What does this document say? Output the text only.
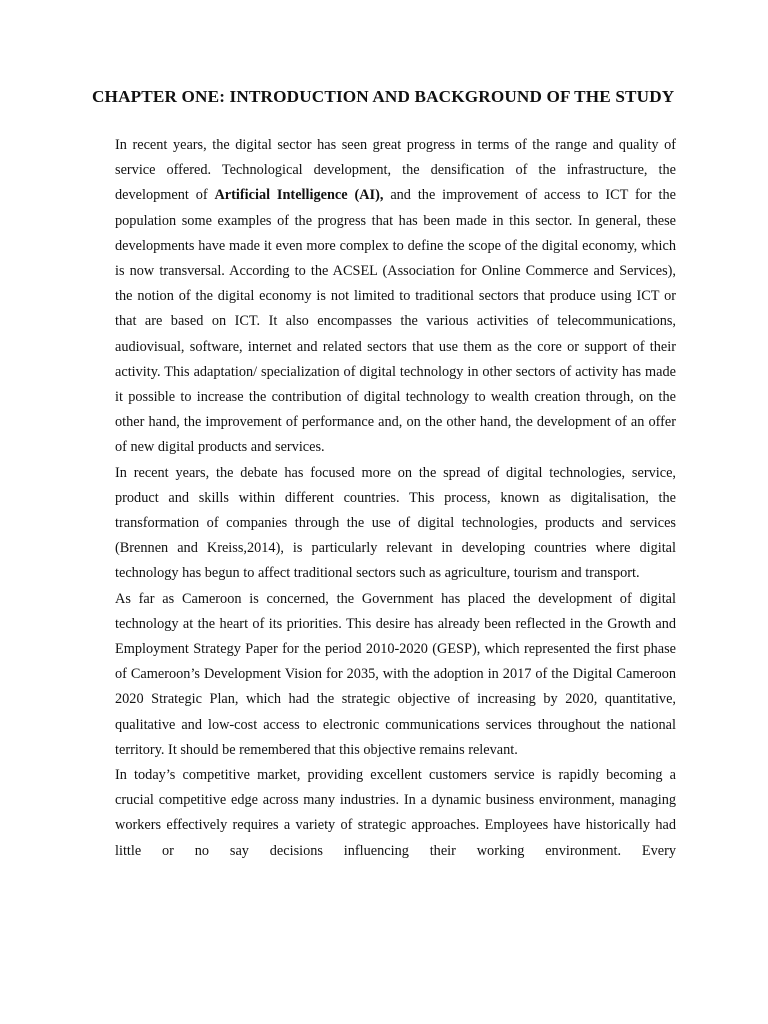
CHAPTER ONE: INTRODUCTION AND BACKGROUND OF THE STUDY

In recent years, the digital sector has seen great progress in terms of the range and quality of service offered. Technological development, the densification of the infrastructure, the development of Artificial Intelligence (AI), and the improvement of access to ICT for the population some examples of the progress that has been made in this sector. In general, these developments have made it even more complex to define the scope of the digital economy, which is now transversal. According to the ACSEL (Association for Online Commerce and Services), the notion of the digital economy is not limited to traditional sectors that produce using ICT or that are based on ICT. It also encompasses the various activities of telecommunications, audiovisual, software, internet and related sectors that use them as the core or support of their activity. This adaptation/ specialization of digital technology in other sectors of activity has made it possible to increase the contribution of digital technology to wealth creation through, on the other hand, the improvement of performance and, on the other hand, the development of an offer of new digital products and services.

In recent years, the debate has focused more on the spread of digital technologies, service, product and skills within different countries. This process, known as digitalisation, the transformation of companies through the use of digital technologies, products and services (Brennen and Kreiss,2014), is particularly relevant in developing countries where digital technology has begun to affect traditional sectors such as agriculture, tourism and transport.

As far as Cameroon is concerned, the Government has placed the development of digital technology at the heart of its priorities. This desire has already been reflected in the Growth and Employment Strategy Paper for the period 2010-2020 (GESP), which represented the first phase of Cameroon’s Development Vision for 2035, with the adoption in 2017 of the Digital Cameroon 2020 Strategic Plan, which had the strategic objective of increasing by 2020, quantitative, qualitative and low-cost access to electronic communications services throughout the national territory. It should be remembered that this objective remains relevant.

In today’s competitive market, providing excellent customers service is rapidly becoming a crucial competitive edge across many industries. In a dynamic business environment, managing workers effectively requires a variety of strategic approaches. Employees have historically had little or no say decisions influencing their working environment. Every
